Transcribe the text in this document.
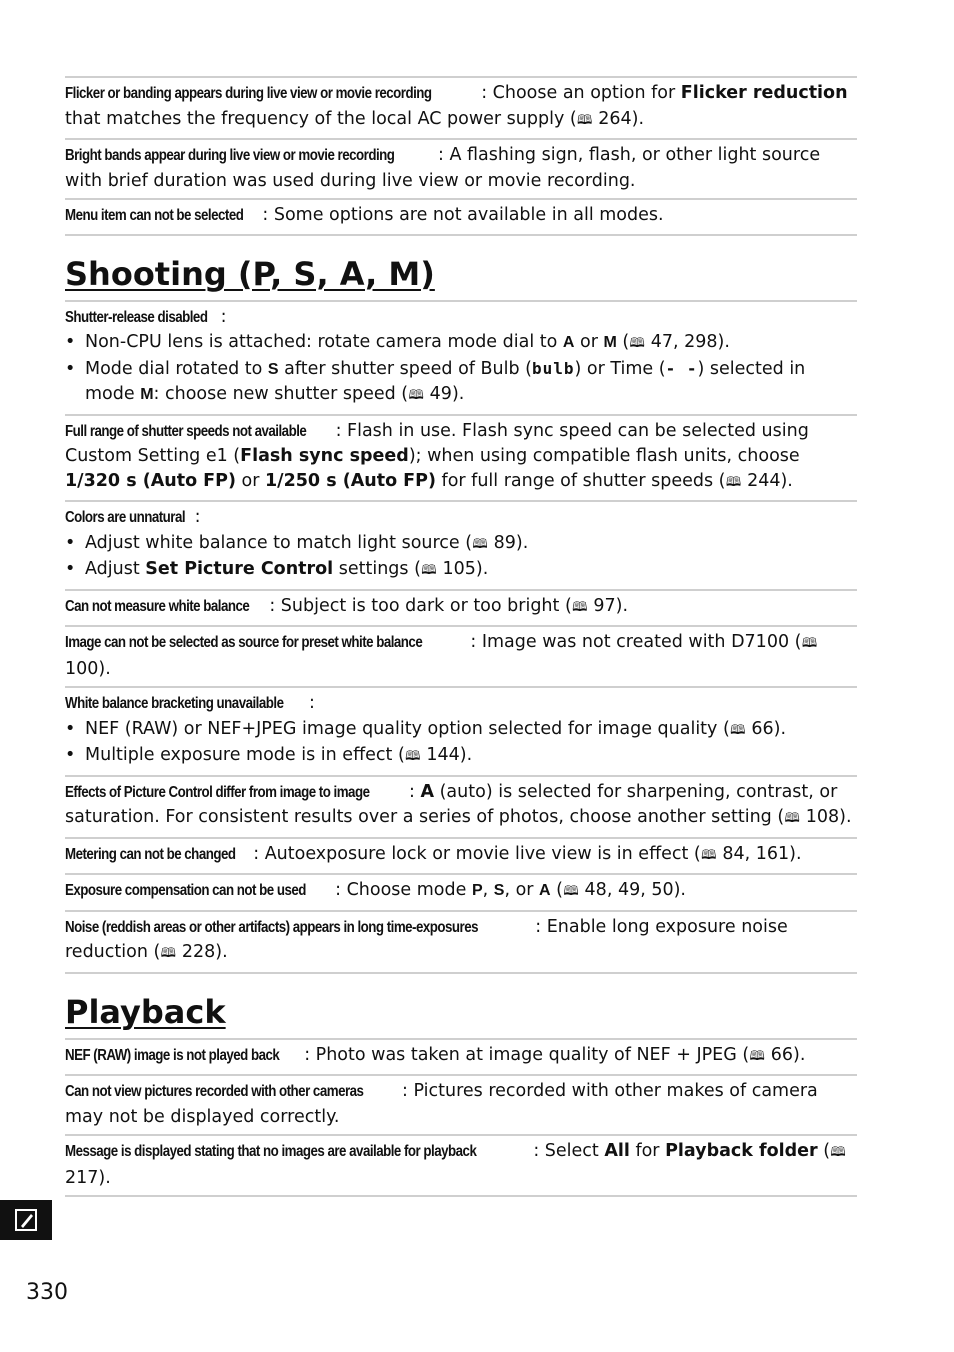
Flicker or banding appears during live view or movie recording	: Choose an option for Flicker reduction that matches the frequency of the local AC power supply (🕮 264).
Bright bands appear during live view or movie recording : A flashing sign, flash, or other light source with brief duration was used during live view or movie recording.
Menu item can not be selected : Some options are not available in all modes.
Shooting (P, S, A, M)
Shutter-release disabled :
• Non-CPU lens is attached: rotate camera mode dial to A or M (🕮 47, 298).
• Mode dial rotated to S after shutter speed of Bulb (bulb) or Time (- -) selected in mode M: choose new shutter speed (🕮 49).
Full range of shutter speeds not available : Flash in use. Flash sync speed can be selected using Custom Setting e1 (Flash sync speed); when using compatible flash units, choose 1/320 s (Auto FP) or 1/250 s (Auto FP) for full range of shutter speeds (🕮 244).
Colors are unnatural :
• Adjust white balance to match light source (🕮 89).
• Adjust Set Picture Control settings (🕮 105).
Can not measure white balance : Subject is too dark or too bright (🕮 97).
Image can not be selected as source for preset white balance	: Image was not created with D7100 (🕮 100).
White balance bracketing unavailable :
• NEF (RAW) or NEF+JPEG image quality option selected for image quality (🕮 66).
• Multiple exposure mode is in effect (🕮 144).
Effects of Picture Control differ from image to image : A (auto) is selected for sharpening, contrast, or saturation. For consistent results over a series of photos, choose another setting (🕮 108).
Metering can not be changed : Autoexposure lock or movie live view is in effect (🕮 84, 161).
Exposure compensation can not be used : Choose mode P, S, or A (🕮 48, 49, 50).
Noise (reddish areas or other artifacts) appears in long time-exposures	: Enable long exposure noise reduction (🕮 228).
Playback
NEF (RAW) image is not played back : Photo was taken at image quality of NEF + JPEG (🕮 66).
Can not view pictures recorded with other cameras : Pictures recorded with other makes of camera may not be displayed correctly.
Message is displayed stating that no images are available for playback	: Select All for Playback folder (🕮 217).
330
